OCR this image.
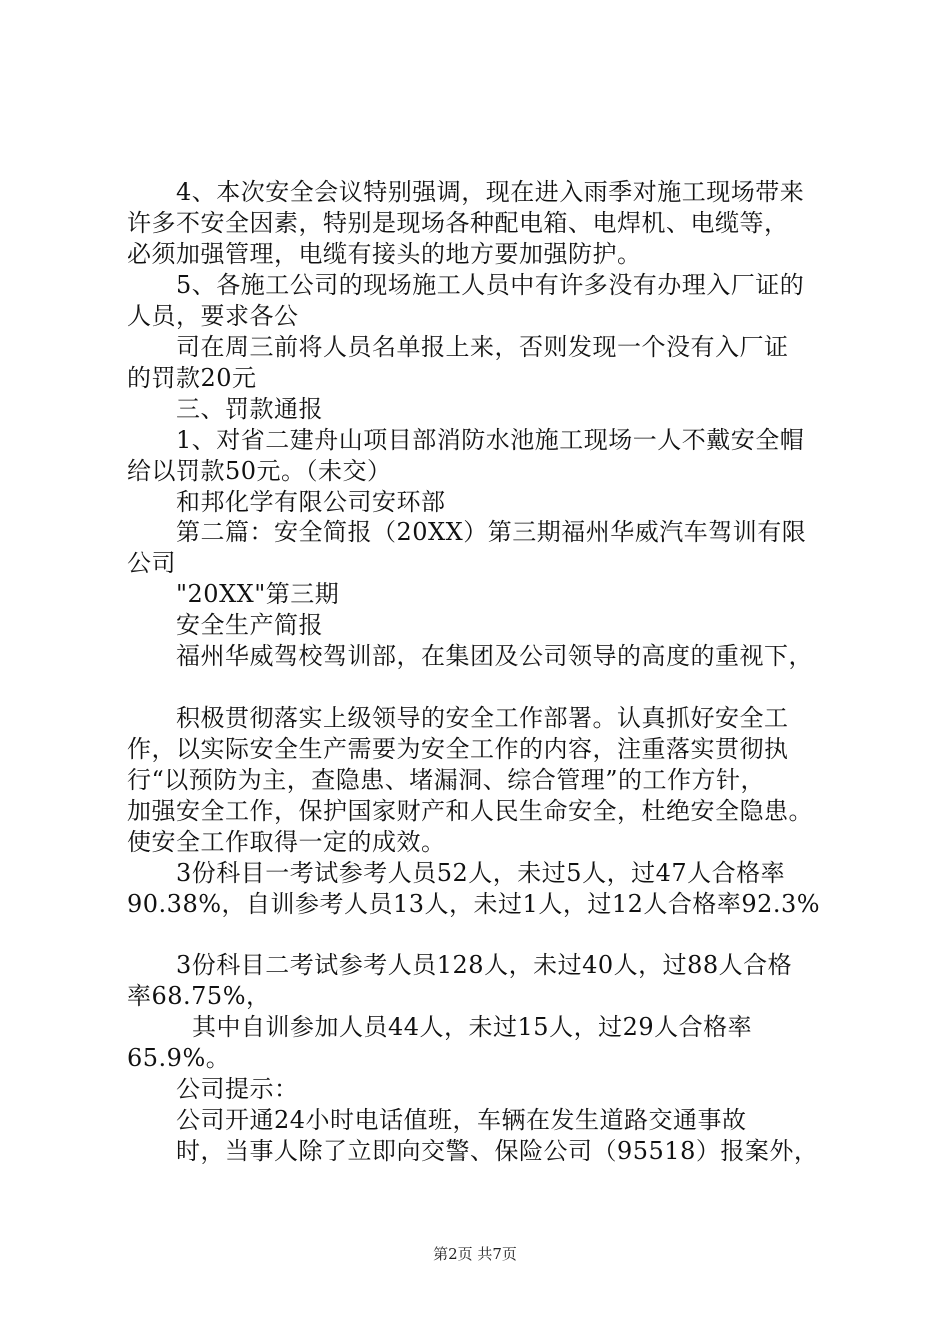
4、本次安全会议特别强调，现在进入雨季对施工现场带来
许多不安全因素，特别是现场各种配电箱、电焊机、电缆等，
必须加强管理，电缆有接头的地方要加强防护。
5、各施工公司的现场施工人员中有许多没有办理入厂证的
人员，要求各公
司在周三前将人员名单报上来，否则发现一个没有入厂证
的罚款20元
三、罚款通报
1、对省二建舟山项目部消防水池施工现场一人不戴安全帽
给以罚款50元。（未交）
和邦化学有限公司安环部
第二篇：安全简报（20XX）第三期福州华威汽车驾训有限
公司
"20XX"第三期
安全生产简报
福州华威驾校驾训部，在集团及公司领导的高度的重视下，
积极贯彻落实上级领导的安全工作部署。认真抓好安全工
作，以实际安全生产需要为安全工作的内容，注重落实贯彻执
行“以预防为主，查隐患、堵漏洞、综合管理”的工作方针，
加强安全工作，保护国家财产和人民生命安全，杜绝安全隐患。
使安全工作取得一定的成效。
3份科目一考试参考人员52人，未过5人，过47人合格率
90.38%，自训参考人员13人，未过1人，过12人合格率92.3%
3份科目二考试参考人员128人，未过40人，过88人合格
率68.75%，
其中自训参加人员44人，未过15人，过29人合格率
65.9%。
公司提示：
公司开通24小时电话值班，车辆在发生道路交通事故
时，当事人除了立即向交警、保险公司（95518）报案外，
第2页 共7页
